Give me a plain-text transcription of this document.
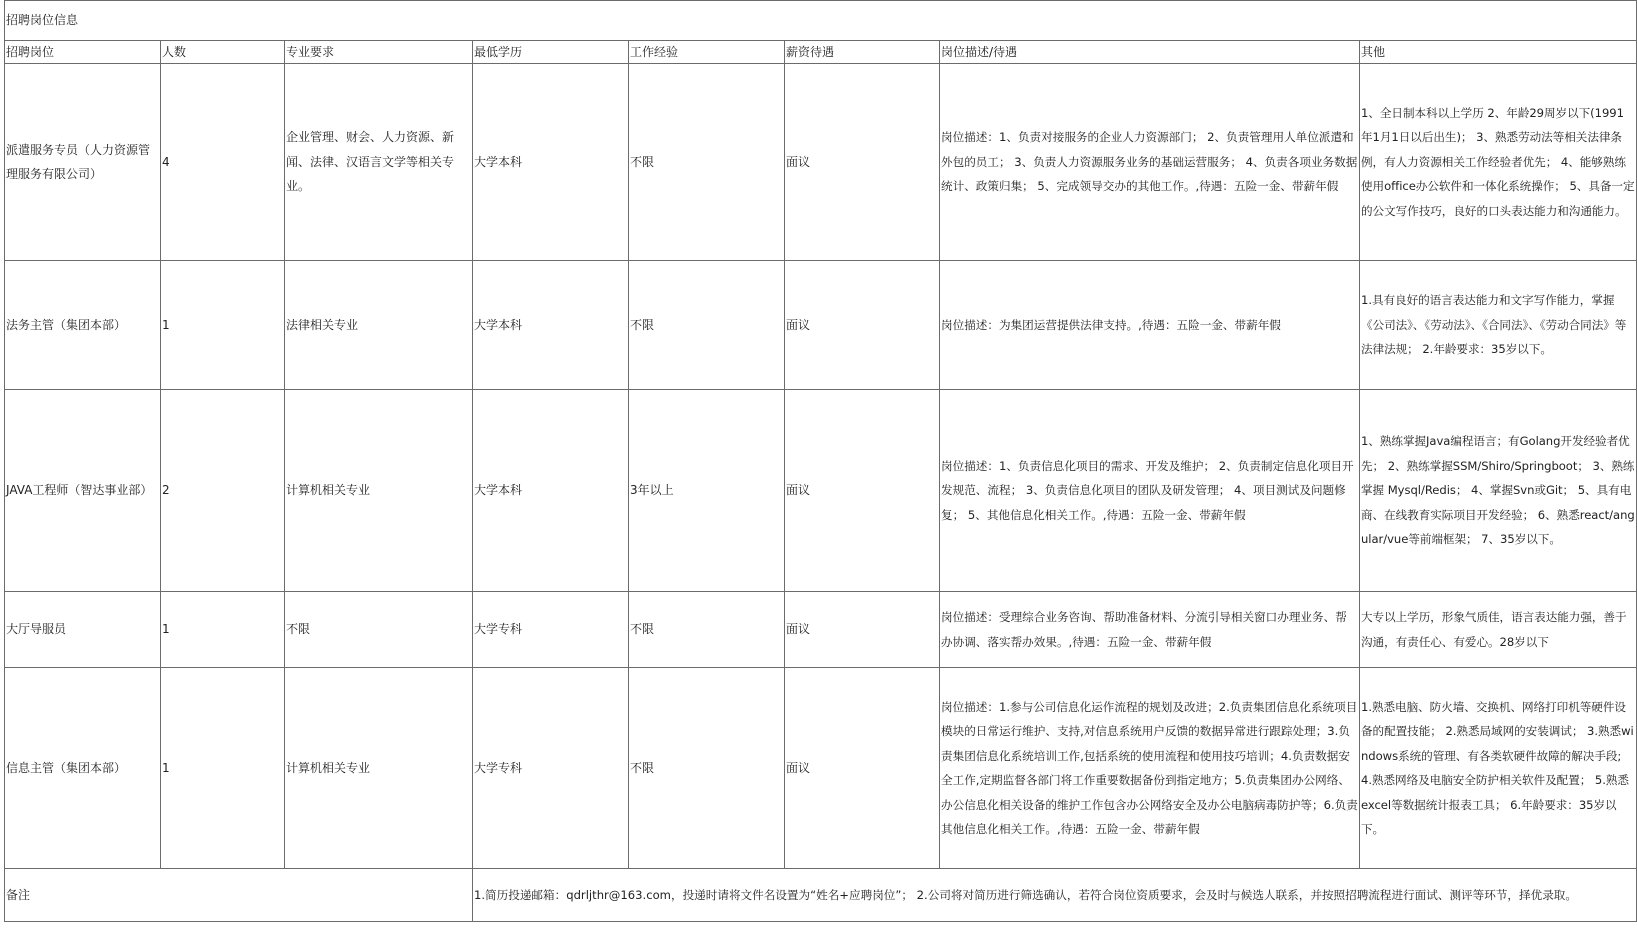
招聘岗位信息							
招聘岗位	人数	专业要求	最低学历	工作经验	薪资待遇	岗位描述/待遇	其他
派遣服务专员（人力资源管理服务有限公司）	4	企业管理、财会、人力资源、新闻、法律、汉语言文学等相关专业。	大学本科	不限	面议	岗位描述：1、负责对接服务的企业人力资源部门； 2、负责管理用人单位派遣和外包的员工； 3、负责人力资源服务业务的基础运营服务； 4、负责各项业务数据统计、政策归集； 5、完成领导交办的其他工作。,待遇：五险一金、带薪年假	1、全日制本科以上学历 2、年龄29周岁以下(1991年1月1日以后出生)； 3、熟悉劳动法等相关法律条例，有人力资源相关工作经验者优先； 4、能够熟练使用office办公软件和一体化系统操作； 5、具备一定的公文写作技巧，良好的口头表达能力和沟通能力。
法务主管（集团本部）	1	法律相关专业	大学本科	不限	面议	岗位描述：为集团运营提供法律支持。,待遇：五险一金、带薪年假	1.具有良好的语言表达能力和文字写作能力，掌握《公司法》、《劳动法》、《合同法》、《劳动合同法》等法律法规； 2.年龄要求：35岁以下。
JAVA工程师（智达事业部）	2	计算机相关专业	大学本科	3年以上	面议	岗位描述：1、负责信息化项目的需求、开发及维护； 2、负责制定信息化项目开发规范、流程； 3、负责信息化项目的团队及研发管理； 4、项目测试及问题修复； 5、其他信息化相关工作。,待遇：五险一金、带薪年假	1、熟练掌握Java编程语言；有Golang开发经验者优先； 2、熟练掌握SSM/Shiro/Springboot； 3、熟练掌握 Mysql/Redis； 4、掌握Svn或Git； 5、具有电商、在线教育实际项目开发经验； 6、熟悉react/angular/vue等前端框架； 7、35岁以下。
大厅导服员	1	不限	大学专科	不限	面议	岗位描述：受理综合业务咨询、帮助准备材料、分流引导相关窗口办理业务、帮办协调、落实帮办效果。,待遇：五险一金、带薪年假	大专以上学历，形象气质佳，语言表达能力强，善于沟通，有责任心、有爱心。28岁以下
信息主管（集团本部）	1	计算机相关专业	大学专科	不限	面议	岗位描述：1.参与公司信息化运作流程的规划及改进；2.负责集团信息化系统项目模块的日常运行维护、支持,对信息系统用户反馈的数据异常进行跟踪处理；3.负责集团信息化系统培训工作,包括系统的使用流程和使用技巧培训；4.负责数据安全工作,定期监督各部门将工作重要数据备份到指定地方；5.负责集团办公网络、办公信息化相关设备的维护工作包含办公网络安全及办公电脑病毒防护等；6.负责其他信息化相关工作。,待遇：五险一金、带薪年假	1.熟悉电脑、防火墙、交换机、网络打印机等硬件设备的配置技能； 2.熟悉局域网的安装调试； 3.熟悉windows系统的管理、有各类软硬件故障的解决手段; 4.熟悉网络及电脑安全防护相关软件及配置； 5.熟悉excel等数据统计报表工具； 6.年龄要求：35岁以下。
备注			1.简历投递邮箱：qdrljthr@163.com，投递时请将文件名设置为“姓名+应聘岗位”； 2.公司将对简历进行筛选确认，若符合岗位资质要求，会及时与候选人联系，并按照招聘流程进行面试、测评等环节，择优录取。				
